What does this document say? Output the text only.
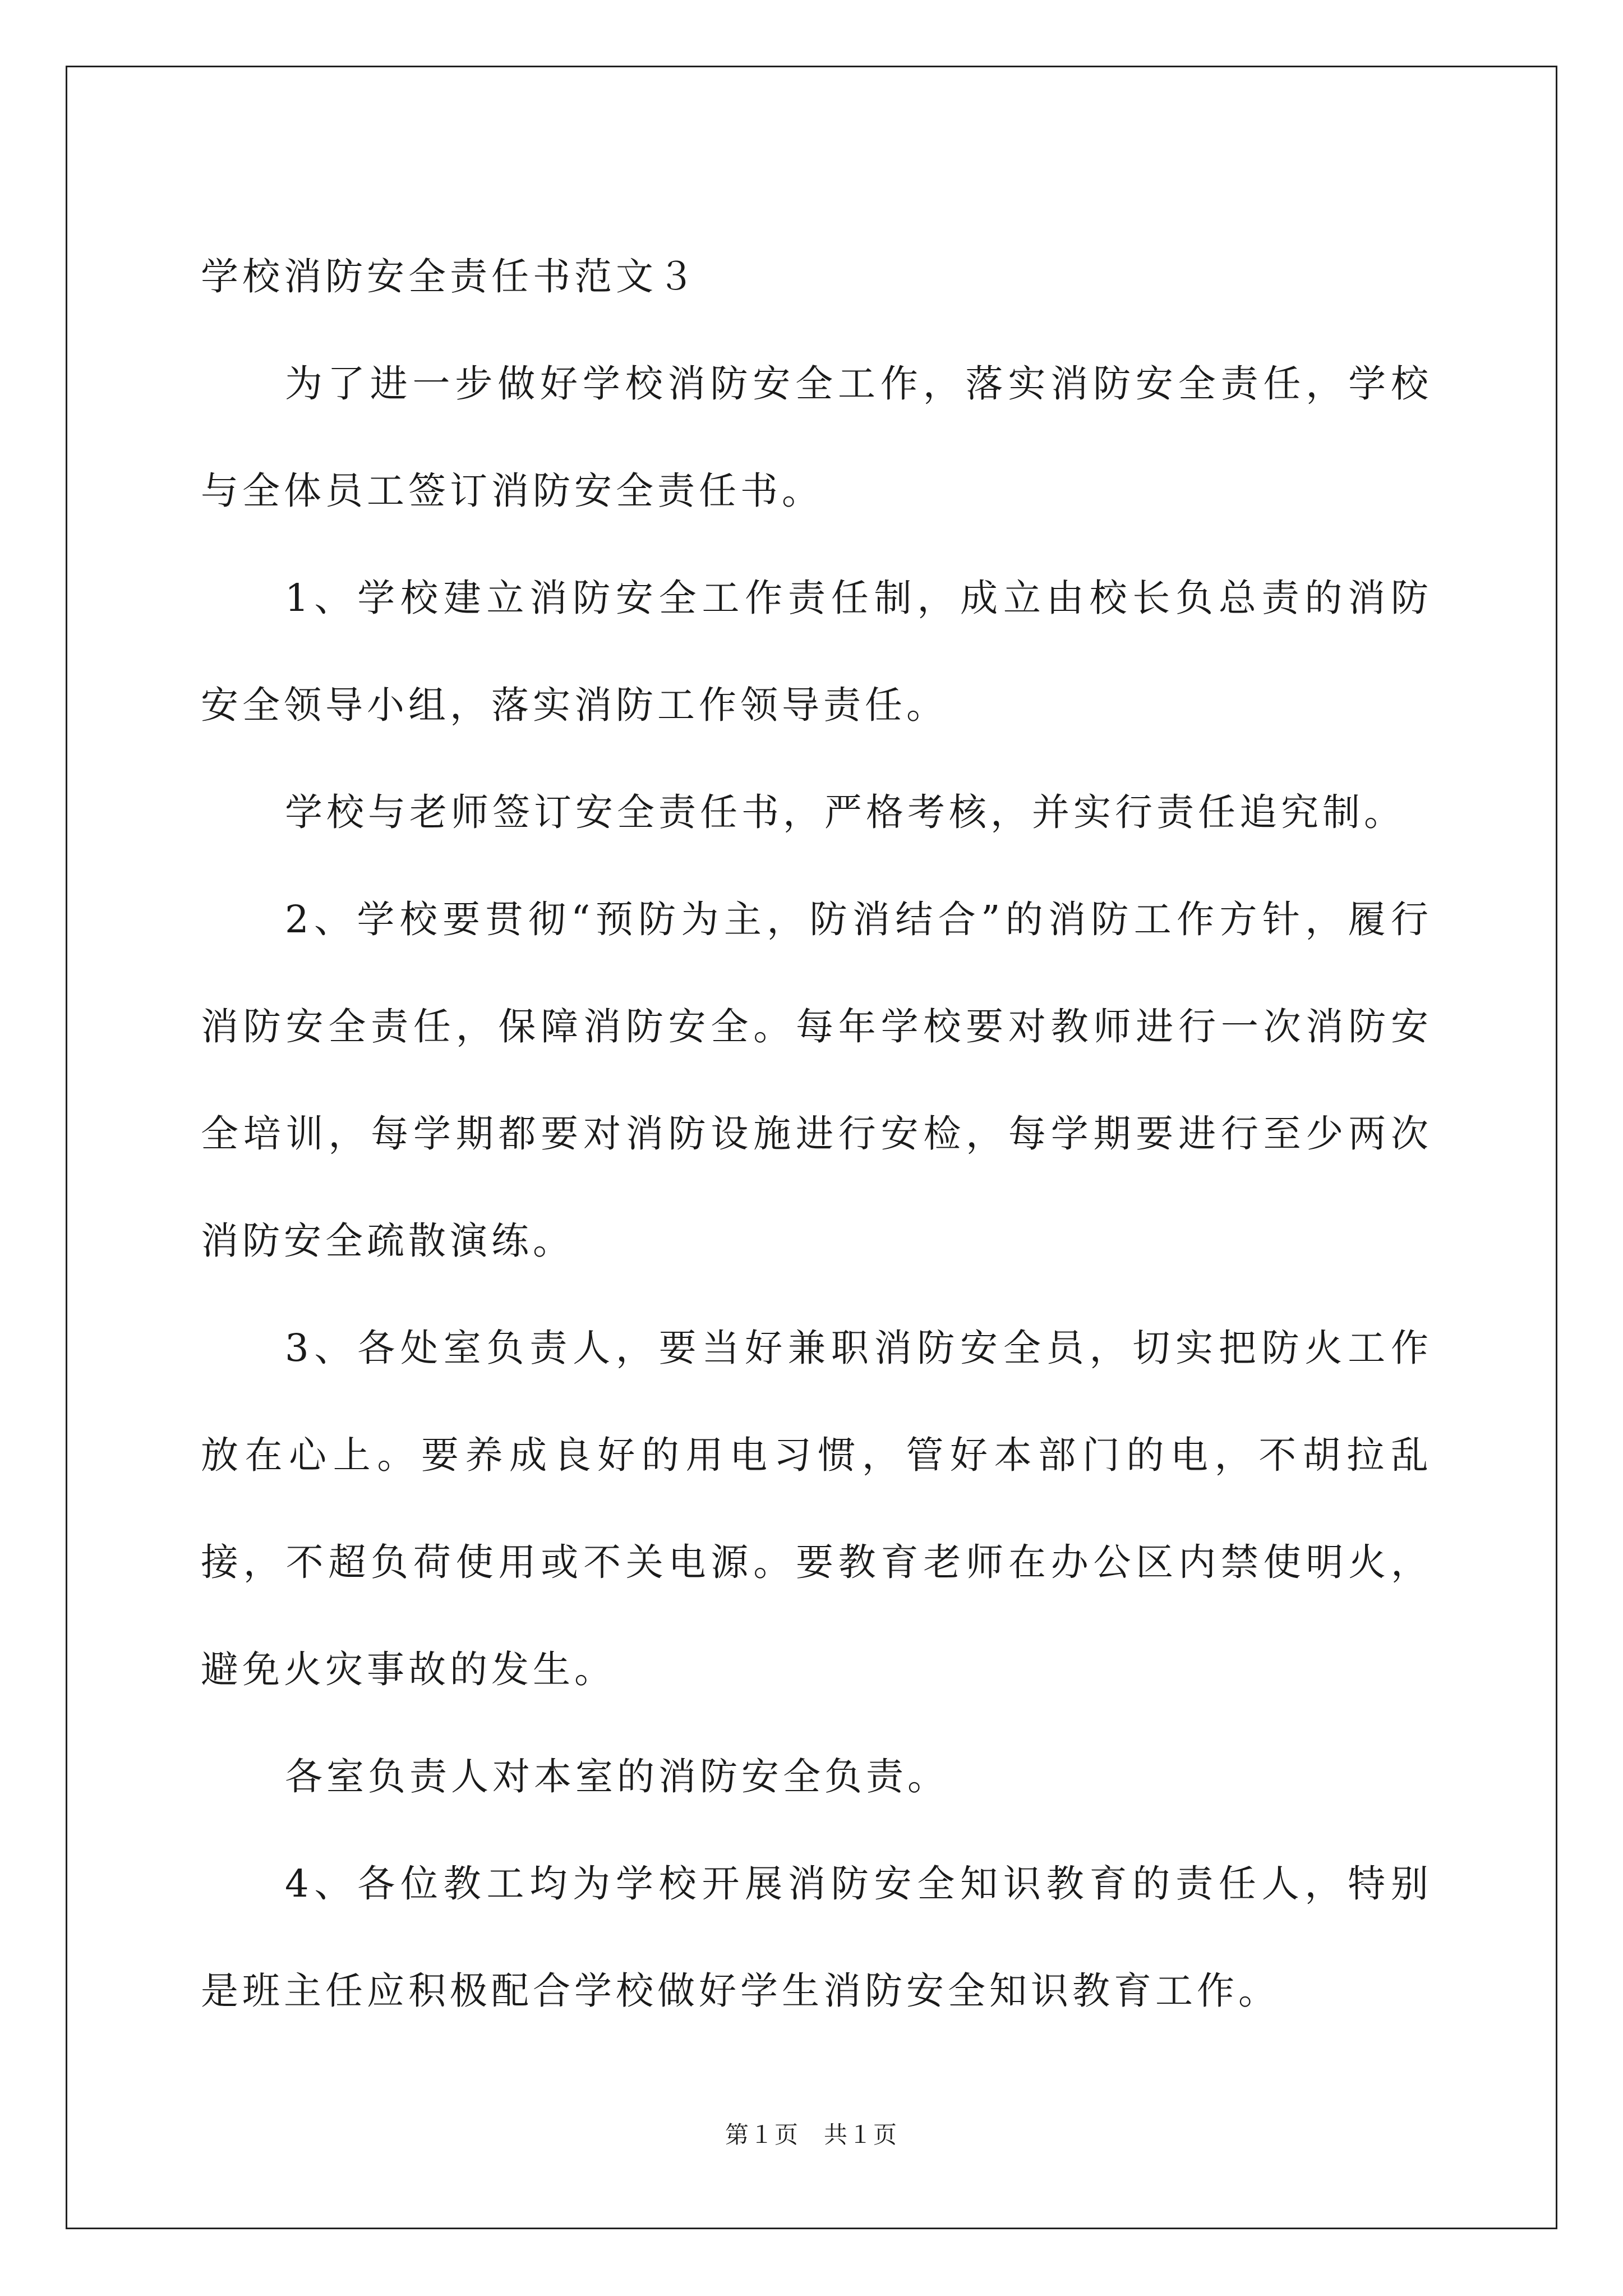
学校消防安全责任书范文３

为了进一步做好学校消防安全工作，落实消防安全责任，学校与全体员工签订消防安全责任书。

1、学校建立消防安全工作责任制，成立由校长负总责的消防安全领导小组，落实消防工作领导责任。

学校与老师签订安全责任书，严格考核，并实行责任追究制。

2、学校要贯彻“预防为主，防消结合”的消防工作方针，履行消防安全责任，保障消防安全。每年学校要对教师进行一次消防安全培训，每学期都要对消防设施进行安检，每学期要进行至少两次消防安全疏散演练。

3、各处室负责人，要当好兼职消防安全员，切实把防火工作放在心上。要养成良好的用电习惯，管好本部门的电，不胡拉乱接，不超负荷使用或不关电源。要教育老师在办公区内禁使明火，避免火灾事故的发生。

各室负责人对本室的消防安全负责。

4、各位教工均为学校开展消防安全知识教育的责任人，特别是班主任应积极配合学校做好学生消防安全知识教育工作。

第１页　共１页
